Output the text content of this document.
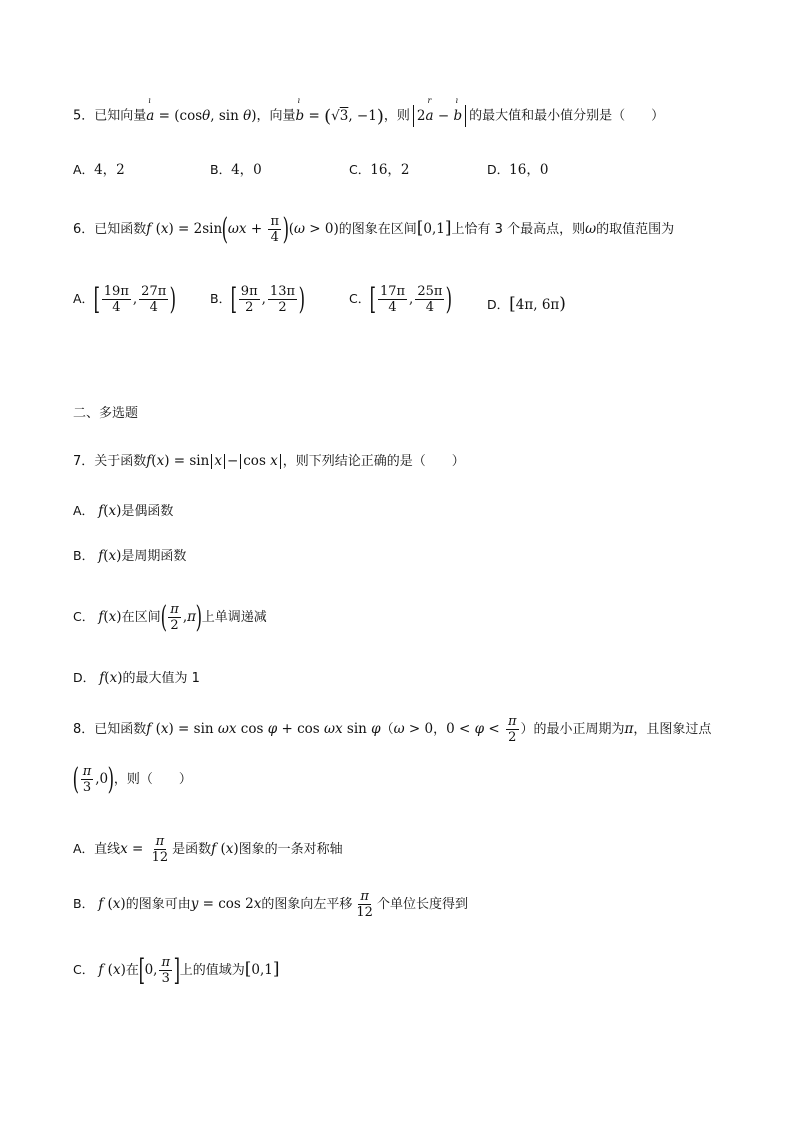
5．已知向量a
ı
= (cosθ, sin θ)，向量b
ı
= (√3, −1)，则 2a
r
− b
ı
的最大值和最小值分别是（　　）
A．4，2	B．4，0	C．16，2	D．16，0
6．已知函数f $(x) = 2\sin(\omega x + \frac{\pi}{4} )(\omega > 0)$的图象在区间[0,1]上恰有 3 个最高点，则ω的取值范围为
A．[ $\frac{19\pi}{4}$ , $\frac{27\pi}{4}$ )	B．[ $\frac{9\pi}{2}$ , $\frac{13\pi}{2}$ )	C．[ $\frac{17\pi}{4}$ , $\frac{25\pi}{4}$ )	D．[4π, 6π)
二、多选题
7．关于函数f(x) = sin x − cos x ，则下列结论正确的是（　　）
A． f(x)是偶函数
B． f(x)是周期函数
C． f(x)在区间( $\frac{\pi}{2} ,\pi$)上单调递减
D． f(x)的最大值为 1
8．已知函数f (x) = sin ωx cos φ + cos ωx sin φ（ω > 0，$0 < \varphi < \frac{\pi}{2}$ ）的最小正周期为π，且图象过点
( $\frac{\pi}{3} ,0$)，则（　　）
A．直线$x = \frac{\pi}{12}$ 是函数f (x)图象的一条对称轴
B． f (x)的图象可由y = cos 2x的图象向左平移 $\frac{\pi}{12}$ 个单位长度得到
C． f (x)在[0, $\frac{\pi}{3}$ ]上的值域为[0,1]
